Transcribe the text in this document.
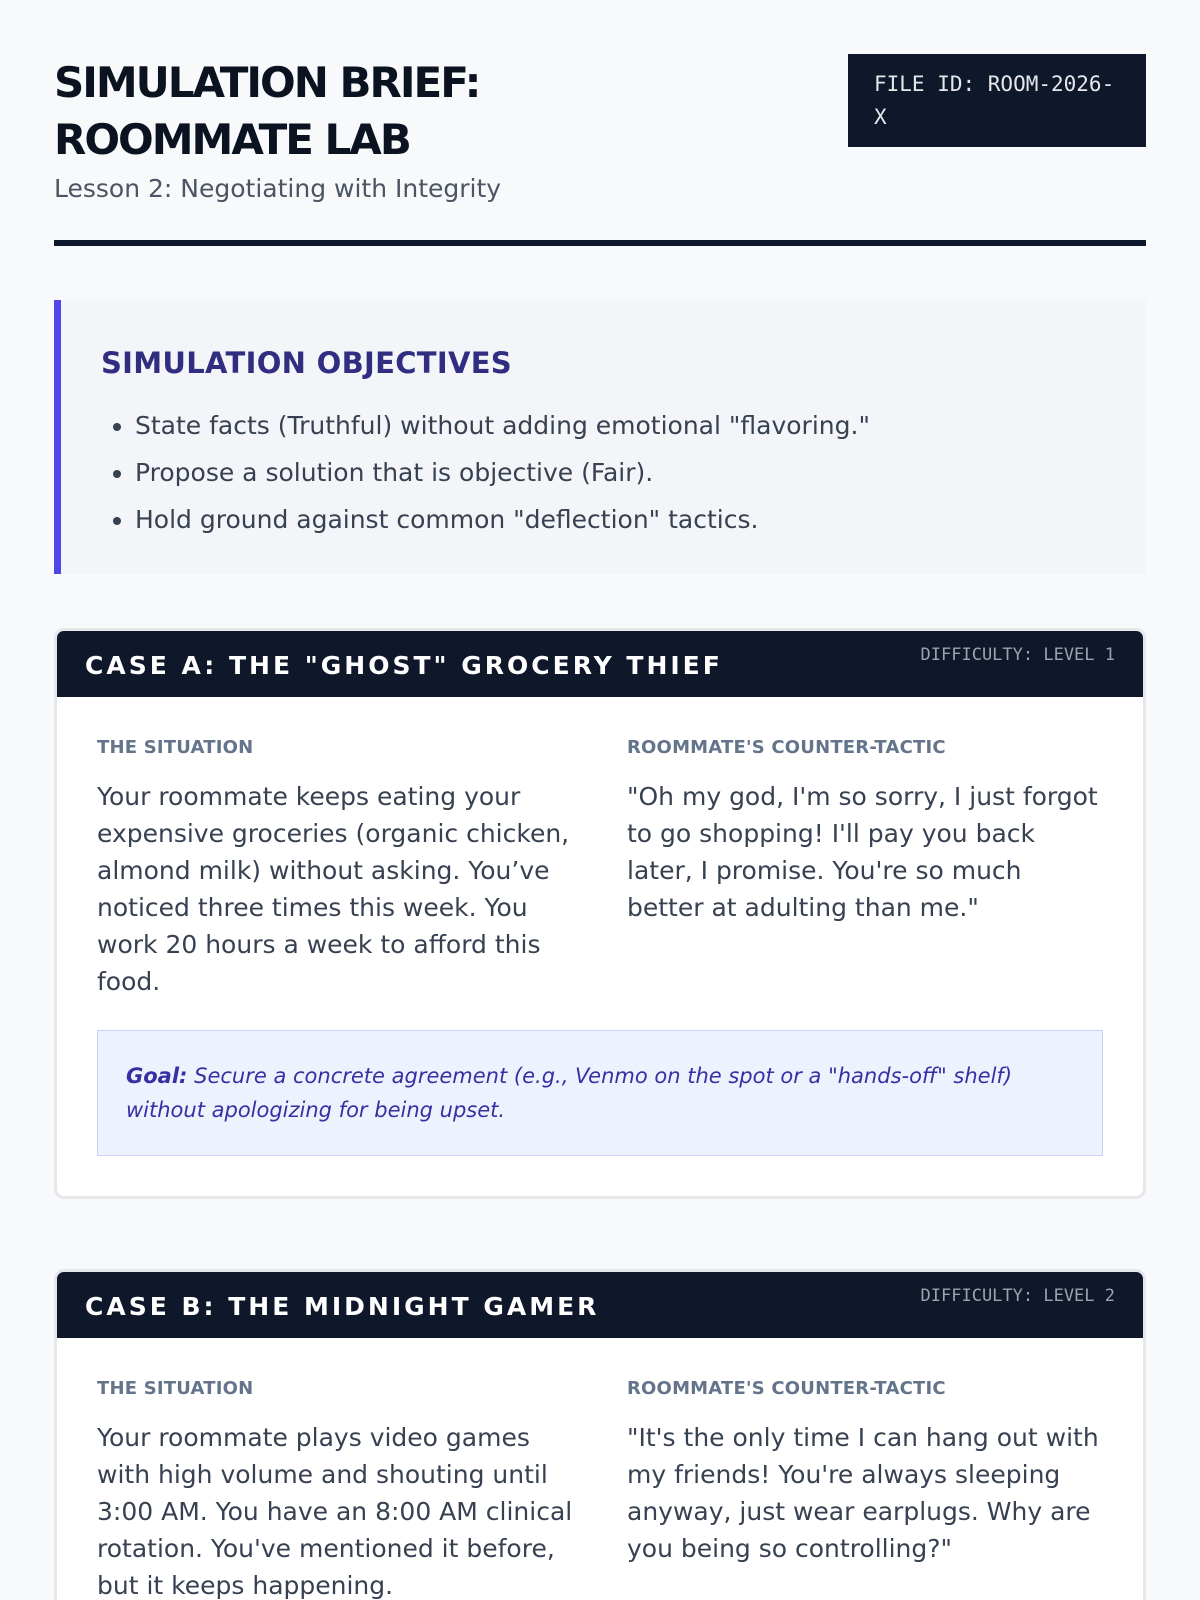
SIMULATION BRIEF:
ROOMMATE LAB
Lesson 2: Negotiating with Integrity
FILE ID: ROOM-2026-X
SIMULATION OBJECTIVES
• State facts (Truthful) without adding emotional "flavoring."
• Propose a solution that is objective (Fair).
• Hold ground against common "deflection" tactics.
CASE A: THE "GHOST" GROCERY THIEF	DIFFICULTY: LEVEL 1
THE SITUATION
Your roommate keeps eating your expensive groceries (organic chicken, almond milk) without asking. You’ve noticed three times this week. You work 20 hours a week to afford this food.
ROOMMATE'S COUNTER-TACTIC
"Oh my god, I'm so sorry, I just forgot to go shopping! I'll pay you back later, I promise. You're so much better at adulting than me."
Goal: Secure a concrete agreement (e.g., Venmo on the spot or a "hands-off" shelf) without apologizing for being upset.
CASE B: THE MIDNIGHT GAMER	DIFFICULTY: LEVEL 2
THE SITUATION
Your roommate plays video games with high volume and shouting until 3:00 AM. You have an 8:00 AM clinical rotation. You've mentioned it before, but it keeps happening.
ROOMMATE'S COUNTER-TACTIC
"It's the only time I can hang out with my friends! You're always sleeping anyway, just wear earplugs. Why are you being so controlling?"
